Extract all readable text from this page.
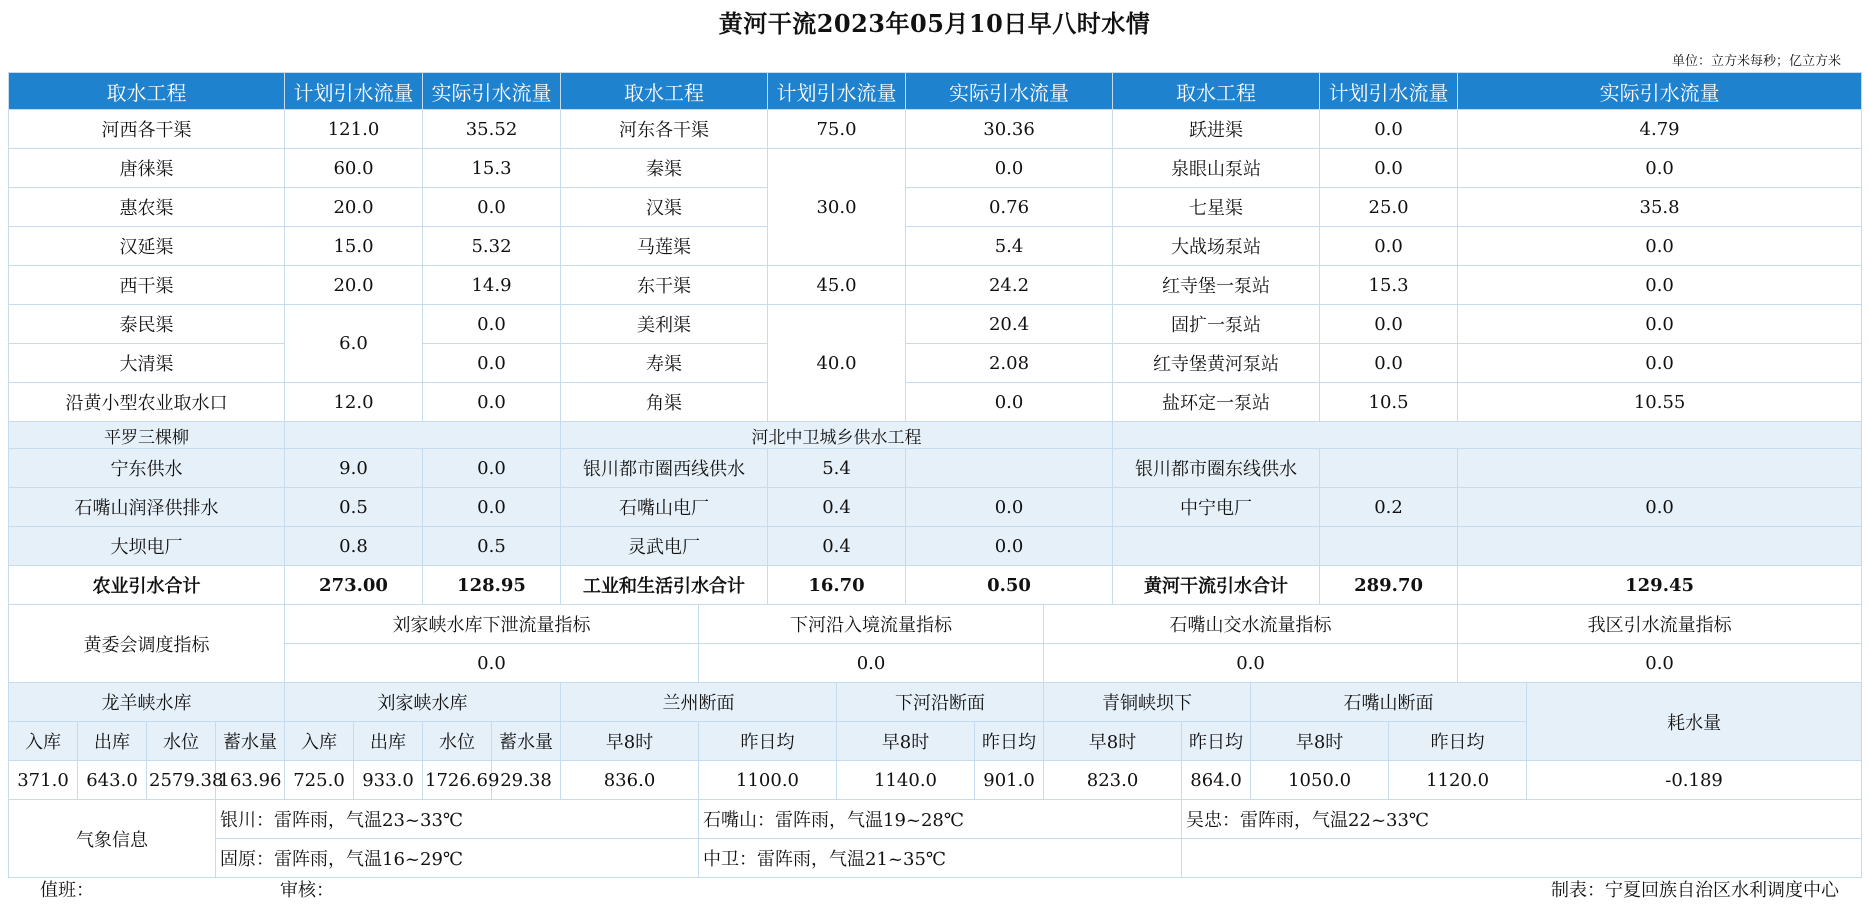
黄河干流2023年05月10日早八时水情
单位：立方米每秒；亿立方米
取水工程				计划引水流量		实际引水流量		取水工程		计划引水流量		实际引水流量			取水工程			计划引水流量		实际引水流量	
河西各干渠				121.0		35.52		河东各干渠		75.0		30.36			跃进渠			0.0		4.79	
唐徕渠				60.0		15.3		秦渠		30.0		0.0			泉眼山泵站			0.0		0.0	
惠农渠				20.0		0.0		汉渠				0.76			七星渠			25.0		35.8	
汉延渠				15.0		5.32		马莲渠				5.4			大战场泵站			0.0		0.0	
西干渠				20.0		14.9		东干渠		45.0		24.2			红寺堡一泵站			15.3		0.0	
泰民渠				6.0		0.0		美利渠		40.0		20.4			固扩一泵站			0.0		0.0	
大清渠						0.0		寿渠				2.08			红寺堡黄河泵站			0.0		0.0	
沿黄小型农业取水口				12.0		0.0		角渠				0.0			盐环定一泵站			10.5		10.55	
平罗三棵柳								河北中卫城乡供水工程													
宁东供水				9.0		0.0		银川都市圈西线供水		5.4					银川都市圈东线供水						
石嘴山润泽供排水				0.5		0.0		石嘴山电厂		0.4		0.0			中宁电厂			0.2		0.0	
大坝电厂				0.8		0.5		灵武电厂		0.4		0.0									
农业引水合计				273.00		128.95		工业和生活引水合计		16.70		0.50			黄河干流引水合计			289.70		129.45	
黄委会调度指标				刘家峡水库下泄流量指标					下河沿入境流量指标					石嘴山交水流量指标						我区引水流量指标	
				0.0					0.0					0.0						0.0	
龙羊峡水库				刘家峡水库				兰州断面			下河沿断面			青铜峡坝下			石嘴山断面				耗水量
入库	出库	水位	蓄水量	入库	出库	水位	蓄水量	早8时	昨日均		早8时		昨日均	早8时		昨日均	早8时		昨日均		
371.0	643.0	2579.38	163.96	725.0	933.0	1726.69	29.38	836.0	1100.0		1140.0		901.0	823.0		864.0	1050.0		1120.0		-0.189
气象信息			银川：雷阵雨，气温23~33℃						石嘴山：雷阵雨，气温19~28℃							吴忠：雷阵雨，气温22~33℃					
			固原：雷阵雨，气温16~29℃						中卫：雷阵雨，气温21~35℃												
值班：	审核：	制表：宁夏回族自治区水利调度中心
